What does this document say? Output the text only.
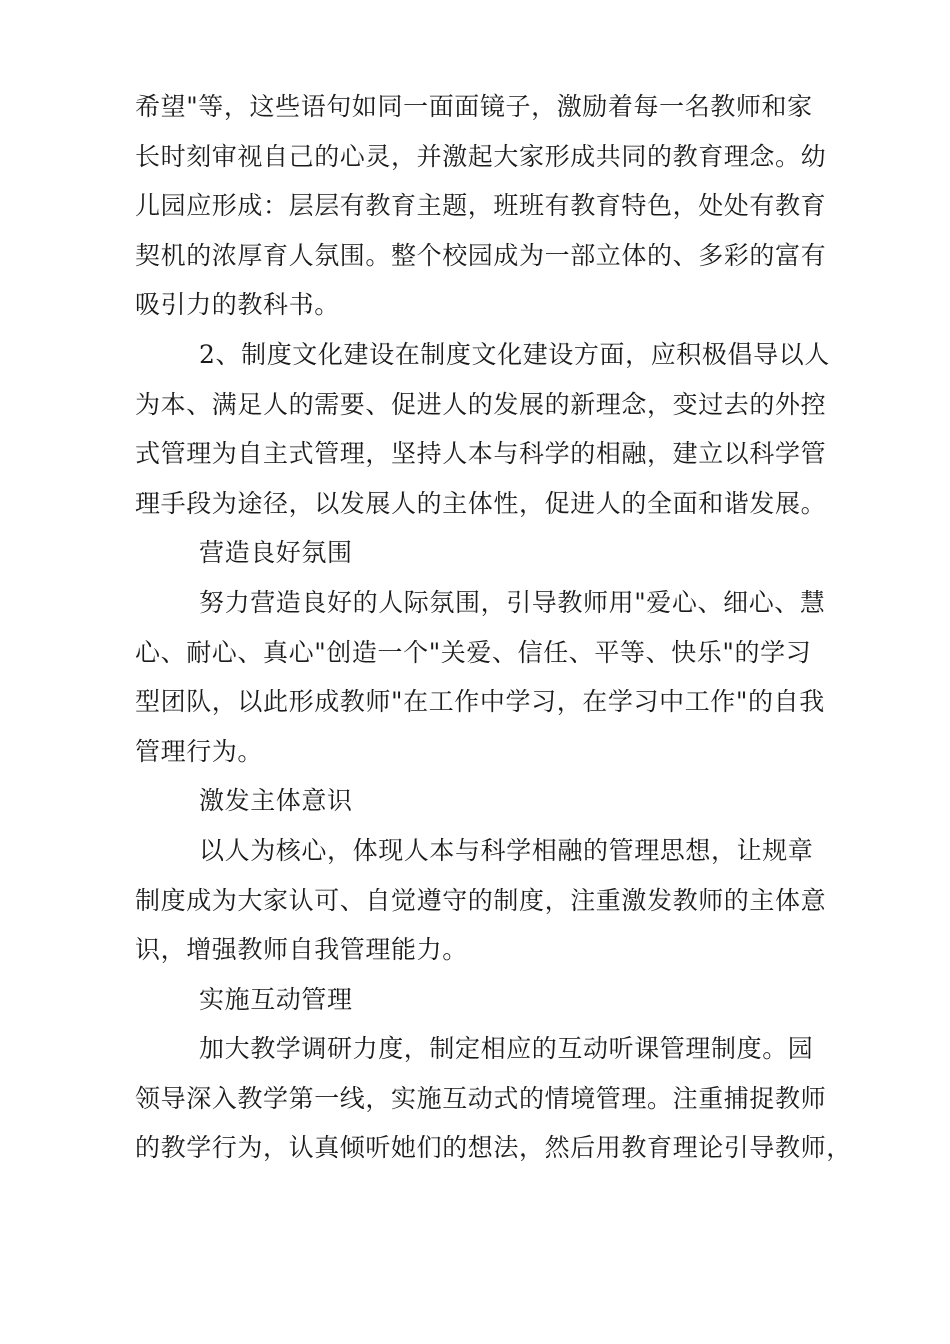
希望"等，这些语句如同一面面镜子，激励着每一名教师和家
长时刻审视自己的心灵，并激起大家形成共同的教育理念。幼
儿园应形成：层层有教育主题，班班有教育特色，处处有教育
契机的浓厚育人氛围。整个校园成为一部立体的、多彩的富有
吸引力的教科书。
2、制度文化建设在制度文化建设方面，应积极倡导以人
为本、满足人的需要、促进人的发展的新理念，变过去的外控
式管理为自主式管理，坚持人本与科学的相融，建立以科学管
理手段为途径，以发展人的主体性，促进人的全面和谐发展。
营造良好氛围
努力营造良好的人际氛围，引导教师用"爱心、细心、慧
心、耐心、真心"创造一个"关爱、信任、平等、快乐"的学习
型团队，以此形成教师"在工作中学习，在学习中工作"的自我
管理行为。
激发主体意识
以人为核心，体现人本与科学相融的管理思想，让规章
制度成为大家认可、自觉遵守的制度，注重激发教师的主体意
识，增强教师自我管理能力。
实施互动管理
加大教学调研力度，制定相应的互动听课管理制度。园
领导深入教学第一线，实施互动式的情境管理。注重捕捉教师
的教学行为，认真倾听她们的想法，然后用教育理论引导教师，
